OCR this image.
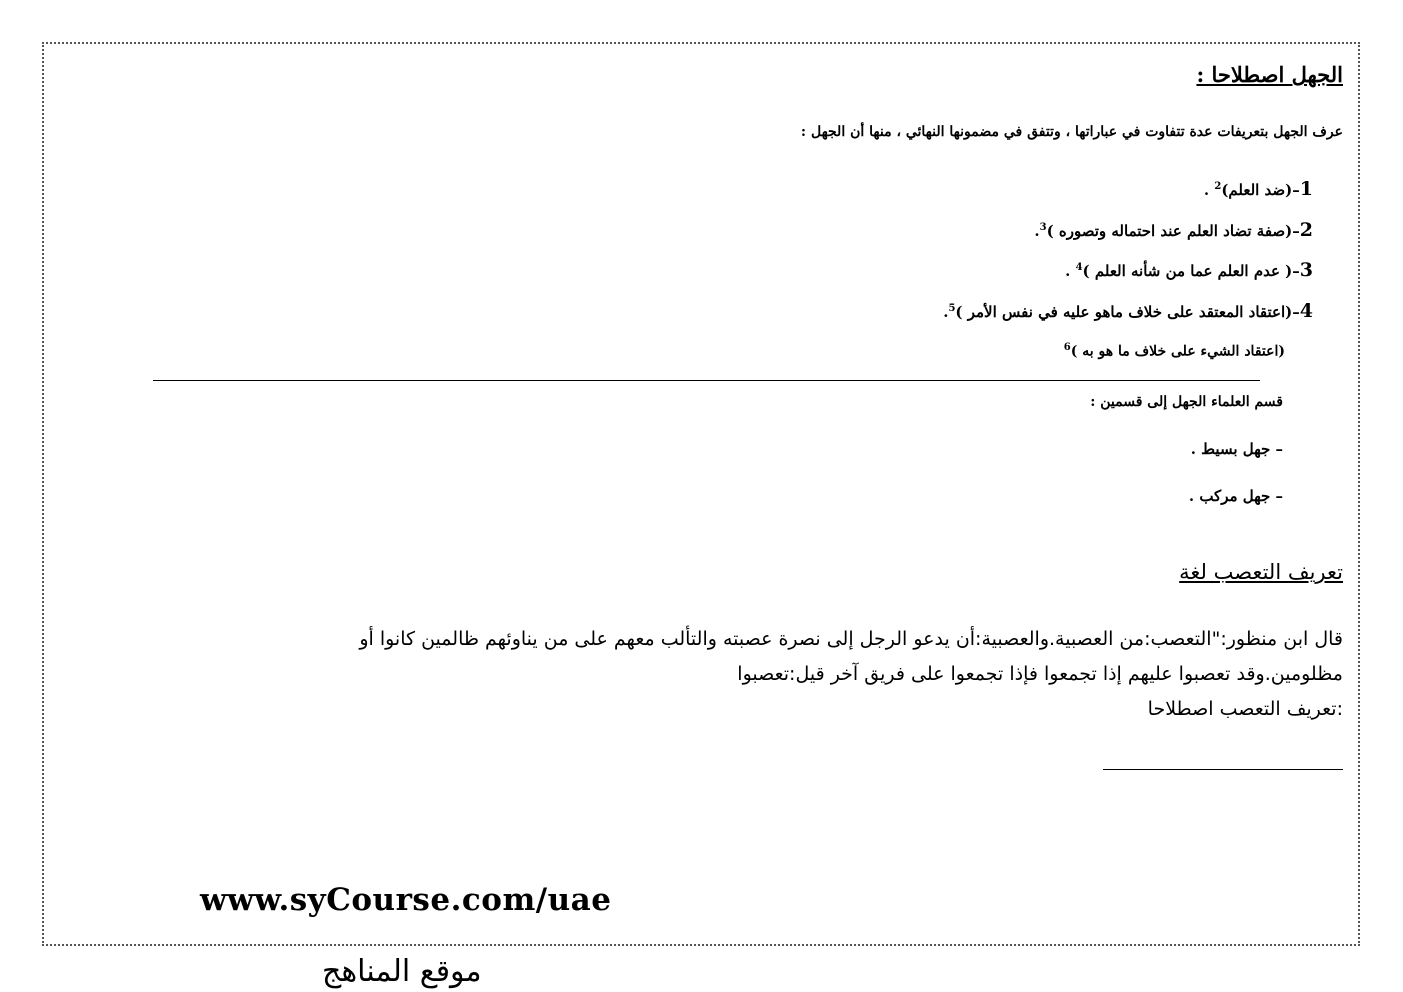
الجهل اصطلاحا :
عرف الجهل بتعريفات عدة تتفاوت في عباراتها ، وتتفق في مضمونها النهائي ، منها أن الجهل :
1–(ضد العلم)$^2$ .
2–(صفة تضاد العلم عند احتماله وتصوره )$^3$.
3–( عدم العلم عما من شأنه العلم )$^4$ .
4–(اعتقاد المعتقد على خلاف ماهو عليه في نفس الأمر )$^5$.
(اعتقاد الشيء على خلاف ما هو به )$^6$
قسم العلماء الجهل إلى قسمين :
– جهل بسيط .
– جهل مركب .
تعريف التعصب لغة
قال ابن منظور:"التعصب:من العصبية.والعصبية:أن يدعو الرجل إلى نصرة عصبته والتألب معهم على من يناوئهم ظالمين كانوا أو
مظلومين.وقد تعصبوا عليهم إذا تجمعوا فإذا تجمعوا على فريق آخر قيل:تعصبوا
:تعريف التعصب اصطلاحا
www.syCourse.com/uae
موقع المناهج
